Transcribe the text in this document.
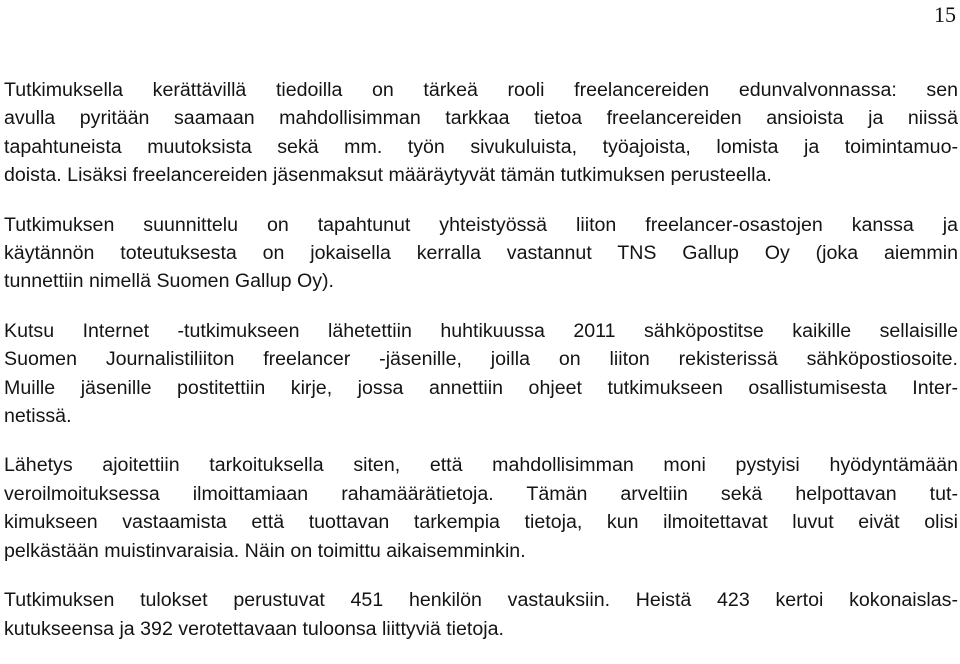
15

Tutkimuksella kerättävillä tiedoilla on tärkeä rooli freelancereiden edunvalvonnassa: sen
avulla pyritään saamaan mahdollisimman tarkkaa tietoa freelancereiden ansioista ja niissä
tapahtuneista muutoksista sekä mm. työn sivukuluista, työajoista, lomista ja toimintamuo-
doista. Lisäksi freelancereiden jäsenmaksut määräytyvät tämän tutkimuksen perusteella.

Tutkimuksen suunnittelu on tapahtunut yhteistyössä liiton freelancer-osastojen kanssa ja
käytännön toteutuksesta on jokaisella kerralla vastannut TNS Gallup Oy (joka aiemmin
tunnettiin nimellä Suomen Gallup Oy).

Kutsu Internet -tutkimukseen lähetettiin huhtikuussa 2011 sähköpostitse kaikille sellaisille
Suomen Journalistiliiton freelancer -jäsenille, joilla on liiton rekisterissä sähköpostiosoite.
Muille jäsenille postitettiin kirje, jossa annettiin ohjeet tutkimukseen osallistumisesta Inter-
netissä.

Lähetys ajoitettiin tarkoituksella siten, että mahdollisimman moni pystyisi hyödyntämään
veroilmoituksessa ilmoittamiaan rahamäärätietoja. Tämän arveltiin sekä helpottavan tut-
kimukseen vastaamista että tuottavan tarkempia tietoja, kun ilmoitettavat luvut eivät olisi
pelkästään muistinvaraisia. Näin on toimittu aikaisemminkin.

Tutkimuksen tulokset perustuvat 451 henkilön vastauksiin. Heistä 423 kertoi kokonaislas-
kutukseensa ja 392 verotettavaan tuloonsa liittyviä tietoja.
